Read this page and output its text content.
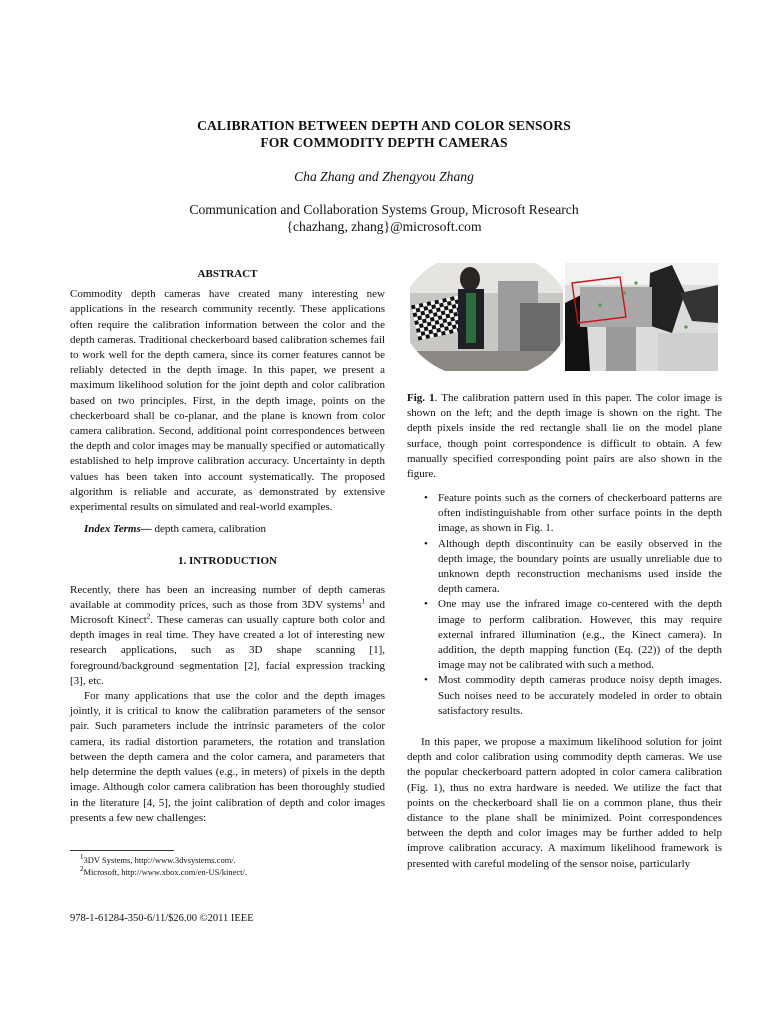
CALIBRATION BETWEEN DEPTH AND COLOR SENSORS
FOR COMMODITY DEPTH CAMERAS
Cha Zhang and Zhengyou Zhang
Communication and Collaboration Systems Group, Microsoft Research
{chazhang, zhang}@microsoft.com

ABSTRACT

Commodity depth cameras have created many interesting new applications in the research community recently. These applications often require the calibration information between the color and the depth cameras. Traditional checkerboard based calibration schemes fail to work well for the depth camera, since its corner features cannot be reliably detected in the depth image. In this paper, we present a maximum likelihood solution for the joint depth and color calibration based on two principles. First, in the depth image, points on the checkerboard shall be co-planar, and the plane is known from color camera calibration. Second, additional point correspondences between the depth and color images may be manually specified or automatically established to help improve calibration accuracy. Uncertainty in depth values has been taken into account systematically. The proposed algorithm is reliable and accurate, as demonstrated by extensive experimental results on simulated and real-world examples.

Index Terms— depth camera, calibration

1. INTRODUCTION

Recently, there has been an increasing number of depth cameras available at commodity prices, such as those from 3DV systems$^1$ and Microsoft Kinect$^2$. These cameras can usually capture both color and depth images in real time. They have created a lot of interesting new research applications, such as 3D shape scanning [1], foreground/background segmentation [2], facial expression tracking [3], etc.

For many applications that use the color and the depth images jointly, it is critical to know the calibration parameters of the sensor pair. Such parameters include the intrinsic parameters of the color camera, its radial distortion parameters, the rotation and translation between the depth camera and the color camera, and parameters that help determine the depth values (e.g., in meters) of pixels in the depth image. Although color camera calibration has been thoroughly studied in the literature [4, 5], the joint calibration of depth and color images presents a few new challenges:

$^1$3DV Systems, http://www.3dvsystems.com/.
$^2$Microsoft, http://www.xbox.com/en-US/kinect/.
978-1-61284-350-6/11/$26.00 ©2011 IEEE
Fig. 1. The calibration pattern used in this paper. The color image is shown on the left; and the depth image is shown on the right. The depth pixels inside the red rectangle shall lie on the model plane surface, though point correspondence is difficult to obtain. A few manually specified corresponding point pairs are also shown in the figure.
• Feature points such as the corners of checkerboard patterns are often indistinguishable from other surface points in the depth image, as shown in Fig. 1.
• Although depth discontinuity can be easily observed in the depth image, the boundary points are usually unreliable due to unknown depth reconstruction mechanisms used inside the depth camera.
• One may use the infrared image co-centered with the depth image to perform calibration. However, this may require external infrared illumination (e.g., the Kinect camera). In addition, the depth mapping function (Eq. (22)) of the depth image may not be calibrated with such a method.
• Most commodity depth cameras produce noisy depth images. Such noises need to be accurately modeled in order to obtain satisfactory results.

In this paper, we propose a maximum likelihood solution for joint depth and color calibration using commodity depth cameras. We use the popular checkerboard pattern adopted in color camera calibration (Fig. 1), thus no extra hardware is needed. We utilize the fact that points on the checkerboard shall lie on a common plane, thus their distance to the plane shall be minimized. Point correspondences between the depth and color images may be further added to help improve calibration accuracy. A maximum likelihood framework is presented with careful modeling of the sensor noise, particularly
